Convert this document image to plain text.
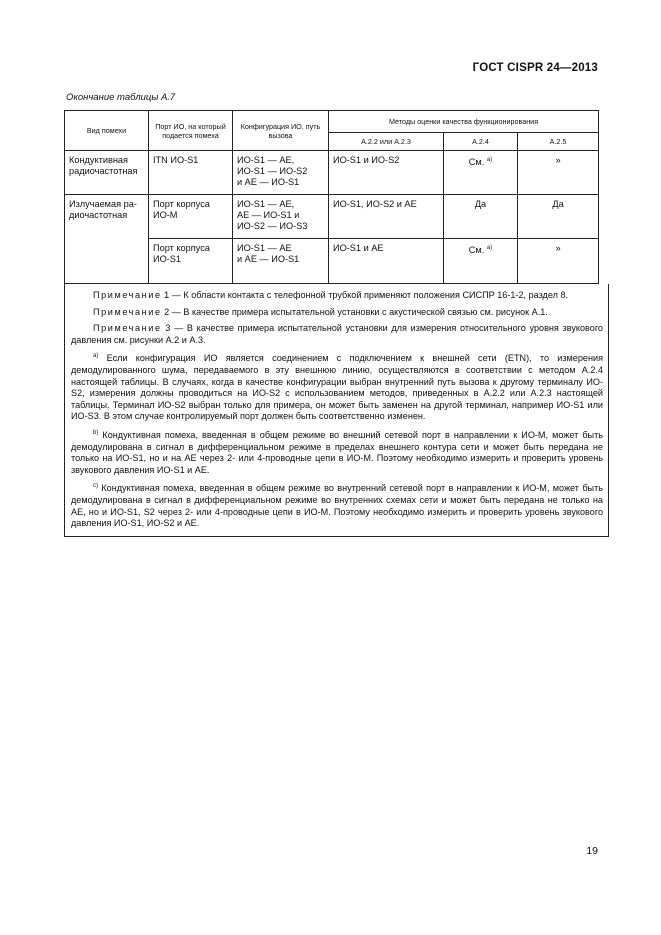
ГОСТ CISPR 24—2013
Окончание таблицы А.7
Вид помехи	Порт ИО, на который подается помеха	Конфигурация ИО, путь вызова	Методы оценки качества функционирования		
			А.2.2 или А.2.3	А.2.4	А.2.5
Кондуктивная радиочастотная	ITN ИО-S1	ИО-S1 — АЕ,
ИО-S1 — ИО-S2
и АЕ — ИО-S1	ИО-S1 и ИО-S2	См. $^{a)}$	»
Излучаемая ра-диочастотная	Порт корпуса ИО-М	ИО-S1 — АЕ,
АЕ — ИО-S1 и
ИО-S2 — ИО-S3	ИО-S1, ИО-S2 и АЕ	Да	Да
	Порт корпуса ИО-S1	ИО-S1 — АЕ
и АЕ — ИО-S1	ИО-S1 и АЕ	См. $^{a)}$	»

Примечание 1 — К области контакта с телефонной трубкой применяют положения СИСПР 16-1-2, раздел 8.

Примечание 2 — В качестве примера испытательной установки с акустической связью см. рисунок А.1.

Примечание 3 — В качестве примера испытательной установки для измерения относительного уровня звукового давления см. рисунки А.2 и А.3.

$^{a)}$ Если конфигурация ИО является соединением с подключением к внешней сети (ETN), то измерения демодулированного шума, передаваемого в эту внешнюю линию, осуществляются в соответствии с методом А.2.4 настоящей таблицы. В случаях, когда в качестве конфигурации выбран внутренний путь вызова к другому терминалу ИО-S2, измерения должны проводиться на ИО-S2 с использованием методов, приведенных в А.2.2 или А.2.3 настоящей таблицы. Терминал ИО-S2 выбран только для примера, он может быть заменен на другой терминал, например ИО-S1 или ИО-S3. В этом случае контролируемый порт должен быть соответственно изменен.

$^{b)}$ Кондуктивная помеха, введенная в общем режиме во внешний сетевой порт в направлении к ИО-М, может быть демодулирована в сигнал в дифференциальном режиме в пределах внешнего контура сети и может быть передана не только на ИО-S1, но и на АЕ через 2- или 4-проводные цепи в ИО-М. Поэтому необходимо измерить и проверить уровень звукового давления ИО-S1 и АЕ.

$^{c)}$ Кондуктивная помеха, введенная в общем режиме во внутренний сетевой порт в направлении к ИО-М, может быть демодулирована в сигнал в дифференциальном режиме во внутренних схемах сети и может быть передана не только на АЕ, но и ИО-S1, S2 через 2- или 4-проводные цепи в ИО-М. Поэтому необходимо измерить и проверить уровень звукового давления ИО-S1, ИО-S2 и АЕ.

19
